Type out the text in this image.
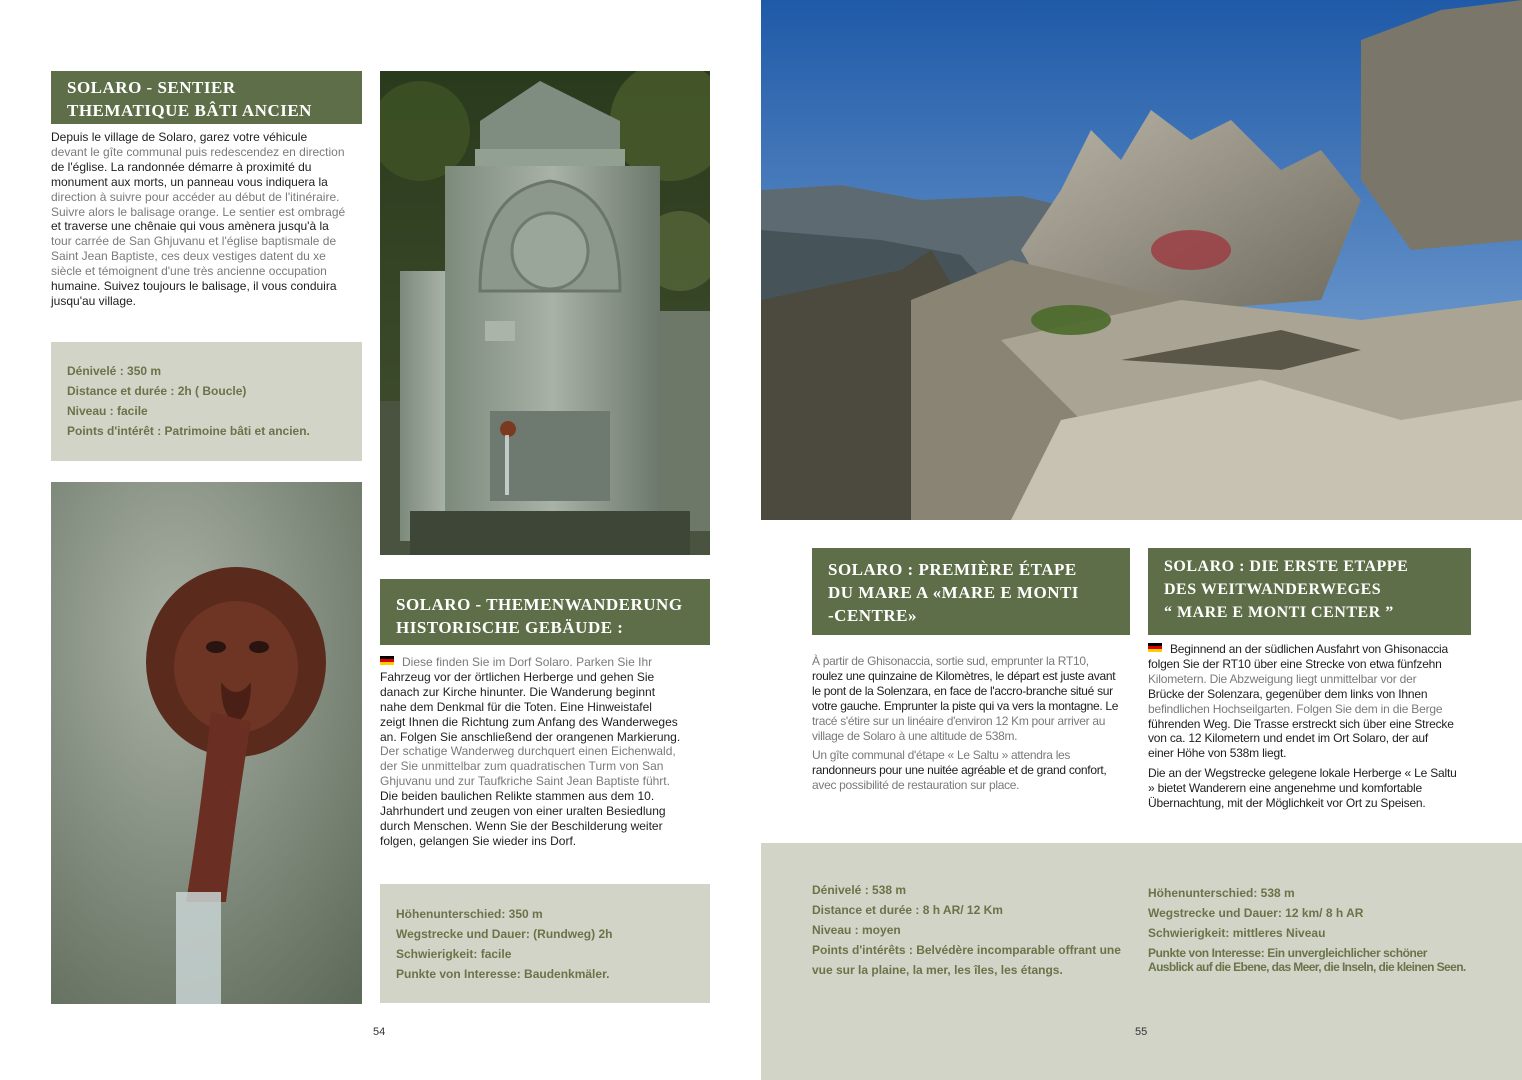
SOLARO - SENTIER
THEMATIQUE BÂTI ANCIEN
Depuis le village de Solaro, garez votre véhicule
devant le gîte communal puis redescendez en direction
de l'église. La randonnée démarre à proximité du
monument aux morts, un panneau vous indiquera la
direction à suivre pour accéder au début de l'itinéraire.
Suivre alors le balisage orange. Le sentier est ombragé
et traverse une chênaie qui vous amènera jusqu'à la
tour carrée de San Ghjuvanu et l'église baptismale de
Saint Jean Baptiste, ces deux vestiges datent du xe
siècle et témoignent d'une très ancienne occupation
humaine. Suivez toujours le balisage, il vous conduira
jusqu'au village.
Dénivelé : 350 m
Distance et durée : 2h ( Boucle)
Niveau : facile
Points d'intérêt : Patrimoine bâti et ancien.
SOLARO - THEMENWANDERUNG
HISTORISCHE GEBÄUDE :
Diese finden Sie im Dorf Solaro. Parken Sie Ihr
Fahrzeug vor der örtlichen Herberge und gehen Sie
danach zur Kirche hinunter. Die Wanderung beginnt
nahe dem Denkmal für die Toten. Eine Hinweistafel
zeigt Ihnen die Richtung zum Anfang des Wanderweges
an. Folgen Sie anschließend der orangenen Markierung.
Der schatige Wanderweg durchquert einen Eichenwald,
der Sie unmittelbar zum quadratischen Turm von San
Ghjuvanu und zur Taufkriche Saint Jean Baptiste führt.
Die beiden baulichen Relikte stammen aus dem 10.
Jahrhundert und zeugen von einer uralten Besiedlung
durch Menschen. Wenn Sie der Beschilderung weiter
folgen, gelangen Sie wieder ins Dorf.
Höhenunterschied: 350 m
Wegstrecke und Dauer: (Rundweg) 2h
Schwierigkeit: facile
Punkte von Interesse: Baudenkmäler.
54
SOLARO : PREMIÈRE ÉTAPE
DU MARE A «MARE E MONTI
-CENTRE»
SOLARO : DIE ERSTE ETAPPE
DES WEITWANDERWEGES
“ MARE E MONTI CENTER ”
À partir de Ghisonaccia, sortie sud, emprunter la RT10,
roulez une quinzaine de Kilomètres, le départ est juste avant
le pont de la Solenzara, en face de l'accro-branche situé sur
votre gauche. Emprunter la piste qui va vers la montagne. Le
tracé s'étire sur un linéaire d'environ 12 Km pour arriver au
village de Solaro à une altitude de 538m.
Un gîte communal d'étape « Le Saltu » attendra les
randonneurs pour une nuitée agréable et de grand confort,
avec possibilité de restauration sur place.
Beginnend an der südlichen Ausfahrt von Ghisonaccia
folgen Sie der RT10 über eine Strecke von etwa fünfzehn
Kilometern. Die Abzweigung liegt unmittelbar vor der
Brücke der Solenzara, gegenüber dem links von Ihnen
befindlichen Hochseilgarten. Folgen Sie dem in die Berge
führenden Weg. Die Trasse erstreckt sich über eine Strecke
von ca. 12 Kilometern und endet im Ort Solaro, der auf
einer Höhe von 538m liegt.
Die an der Wegstrecke gelegene lokale Herberge « Le Saltu
» bietet Wanderern eine angenehme und komfortable
Übernachtung, mit der Möglichkeit vor Ort zu Speisen.
Dénivelé : 538 m
Distance et durée : 8 h AR/ 12 Km
Niveau : moyen
Points d'intérêts : Belvédère incomparable offrant une
vue sur la plaine, la mer, les îles, les étangs.
Höhenunterschied: 538 m
Wegstrecke und Dauer: 12 km/ 8 h AR
Schwierigkeit: mittleres Niveau
Punkte von Interesse: Ein unvergleichlicher schöner
Ausblick auf die Ebene, das Meer, die Inseln, die kleinen Seen.
55
